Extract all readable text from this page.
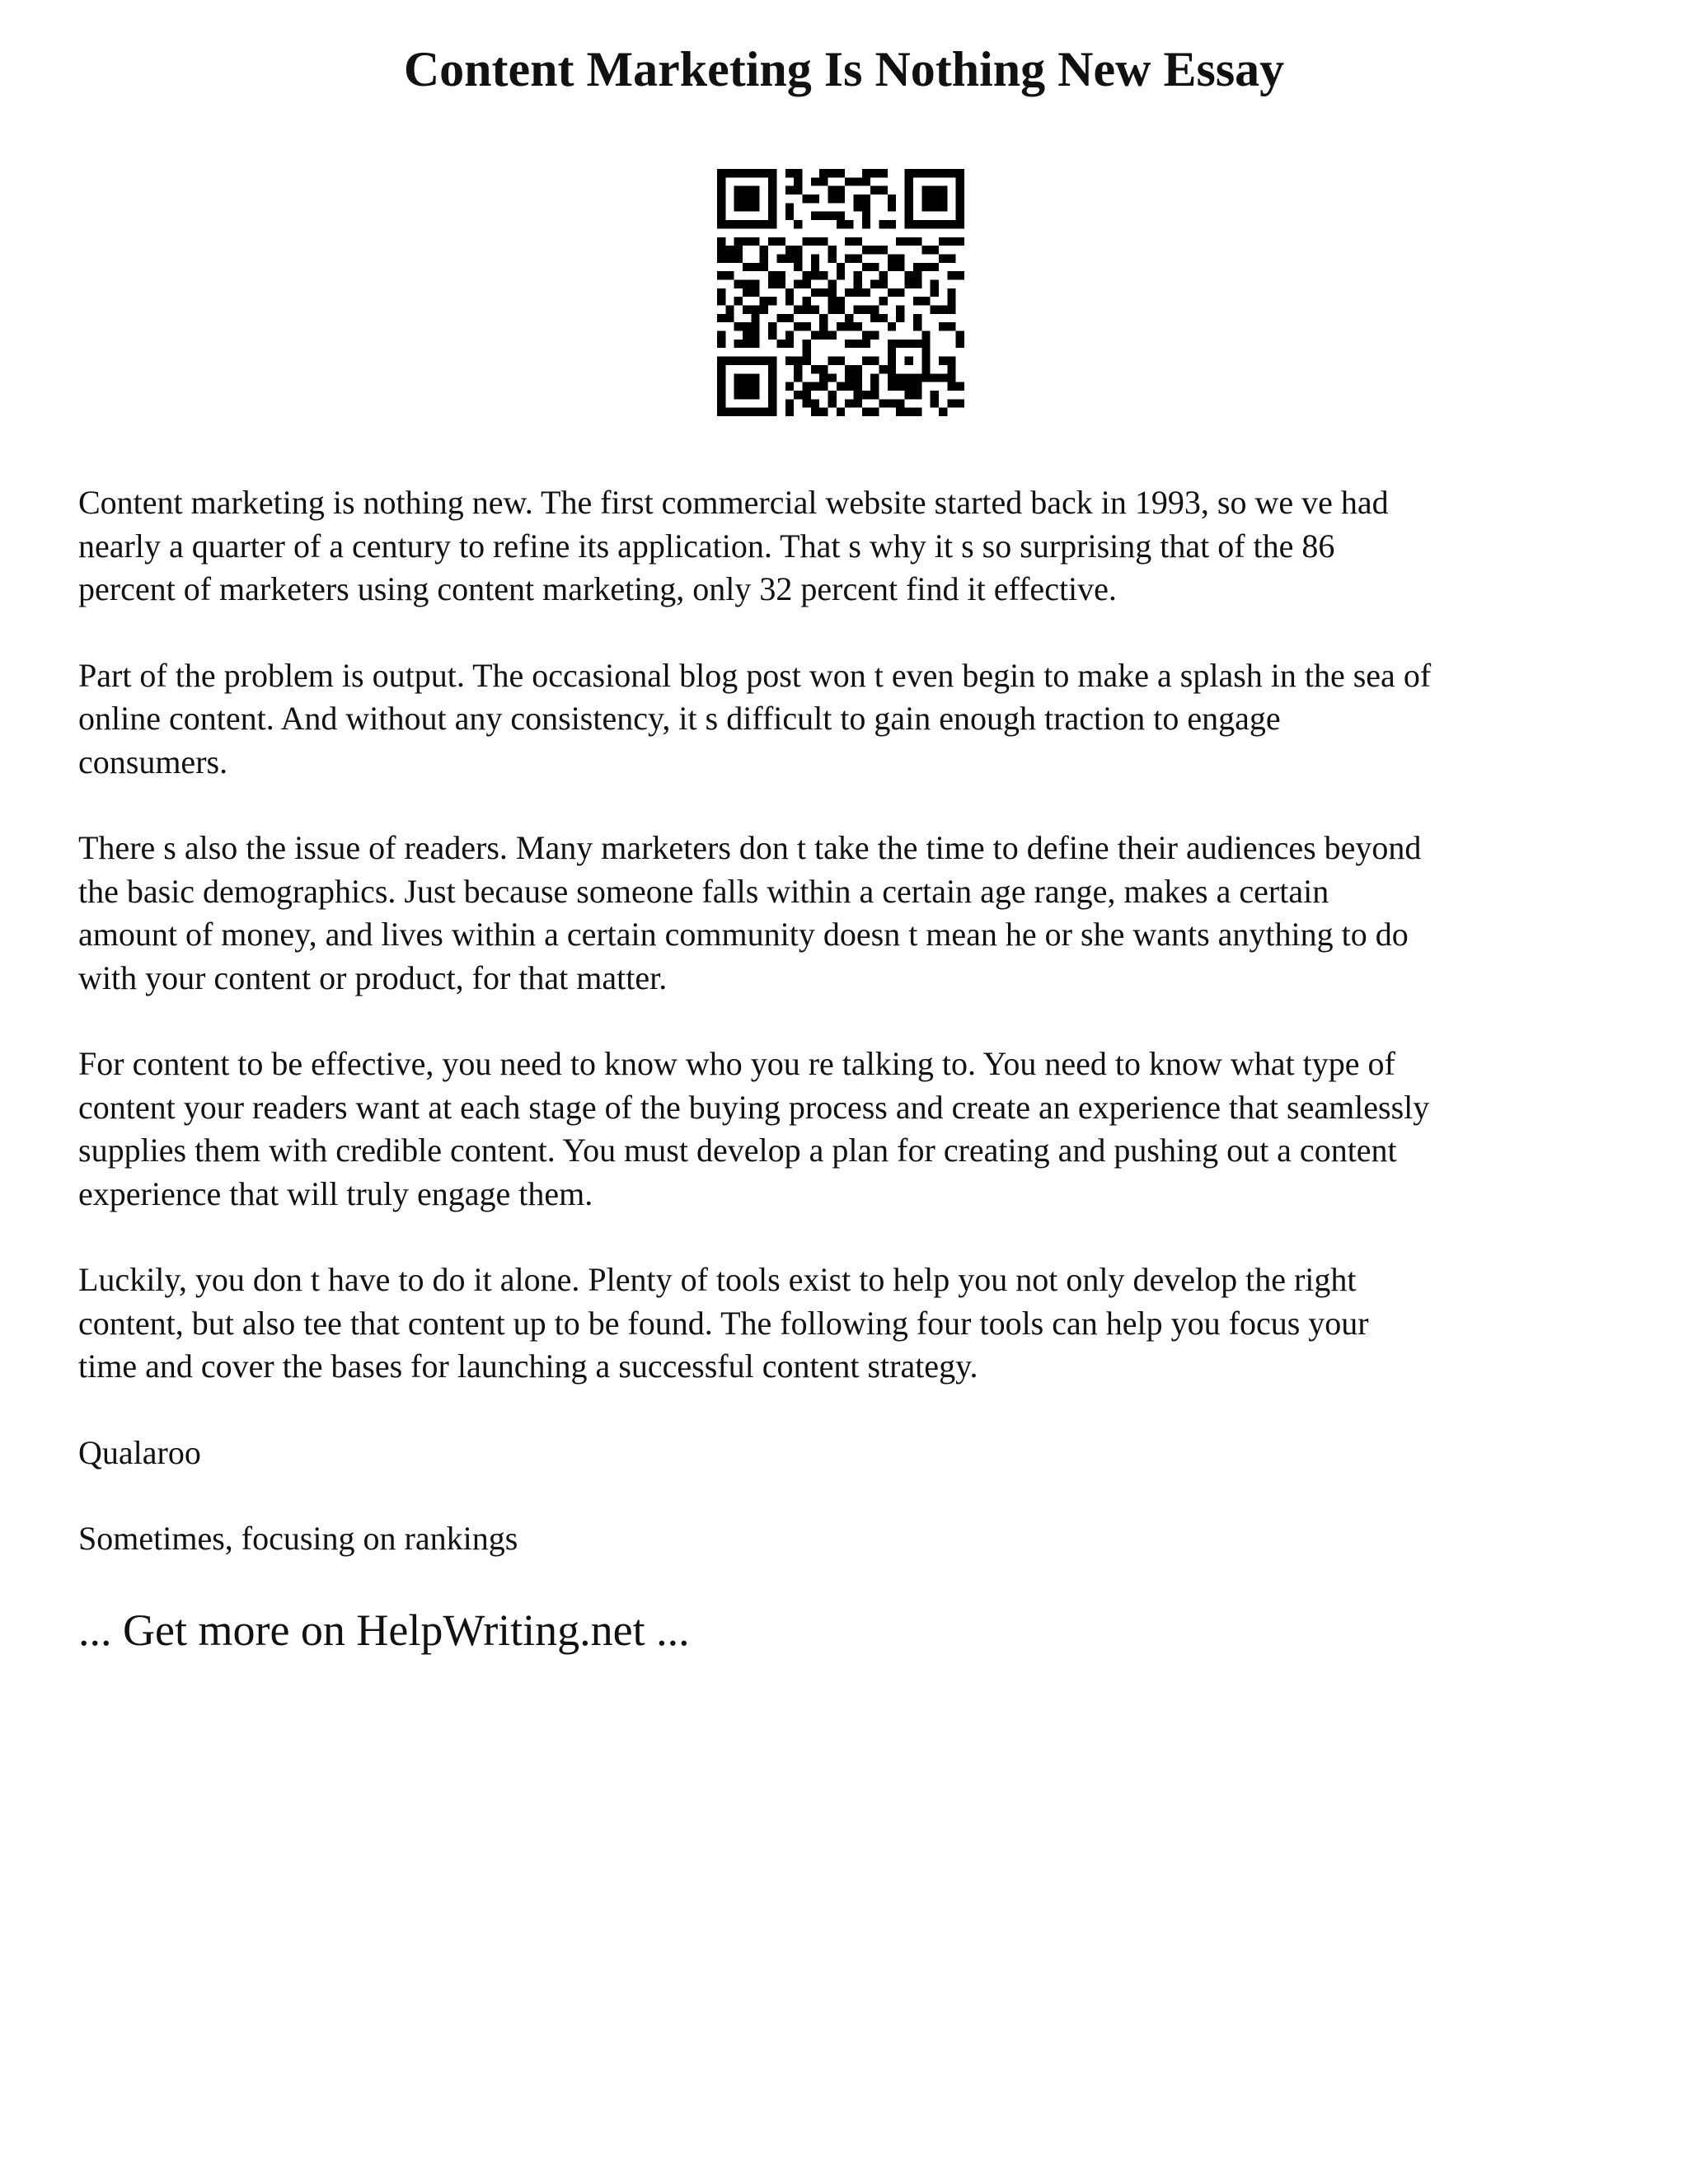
Content Marketing Is Nothing New Essay

Content marketing is nothing new. The first commercial website started back in 1993, so we ve had
nearly a quarter of a century to refine its application. That s why it s so surprising that of the 86
percent of marketers using content marketing, only 32 percent find it effective.

Part of the problem is output. The occasional blog post won t even begin to make a splash in the sea of
online content. And without any consistency, it s difficult to gain enough traction to engage
consumers.

There s also the issue of readers. Many marketers don t take the time to define their audiences beyond
the basic demographics. Just because someone falls within a certain age range, makes a certain
amount of money, and lives within a certain community doesn t mean he or she wants anything to do
with your content or product, for that matter.

For content to be effective, you need to know who you re talking to. You need to know what type of
content your readers want at each stage of the buying process and create an experience that seamlessly
supplies them with credible content. You must develop a plan for creating and pushing out a content
experience that will truly engage them.

Luckily, you don t have to do it alone. Plenty of tools exist to help you not only develop the right
content, but also tee that content up to be found. The following four tools can help you focus your
time and cover the bases for launching a successful content strategy.

Qualaroo

Sometimes, focusing on rankings

... Get more on HelpWriting.net ...
